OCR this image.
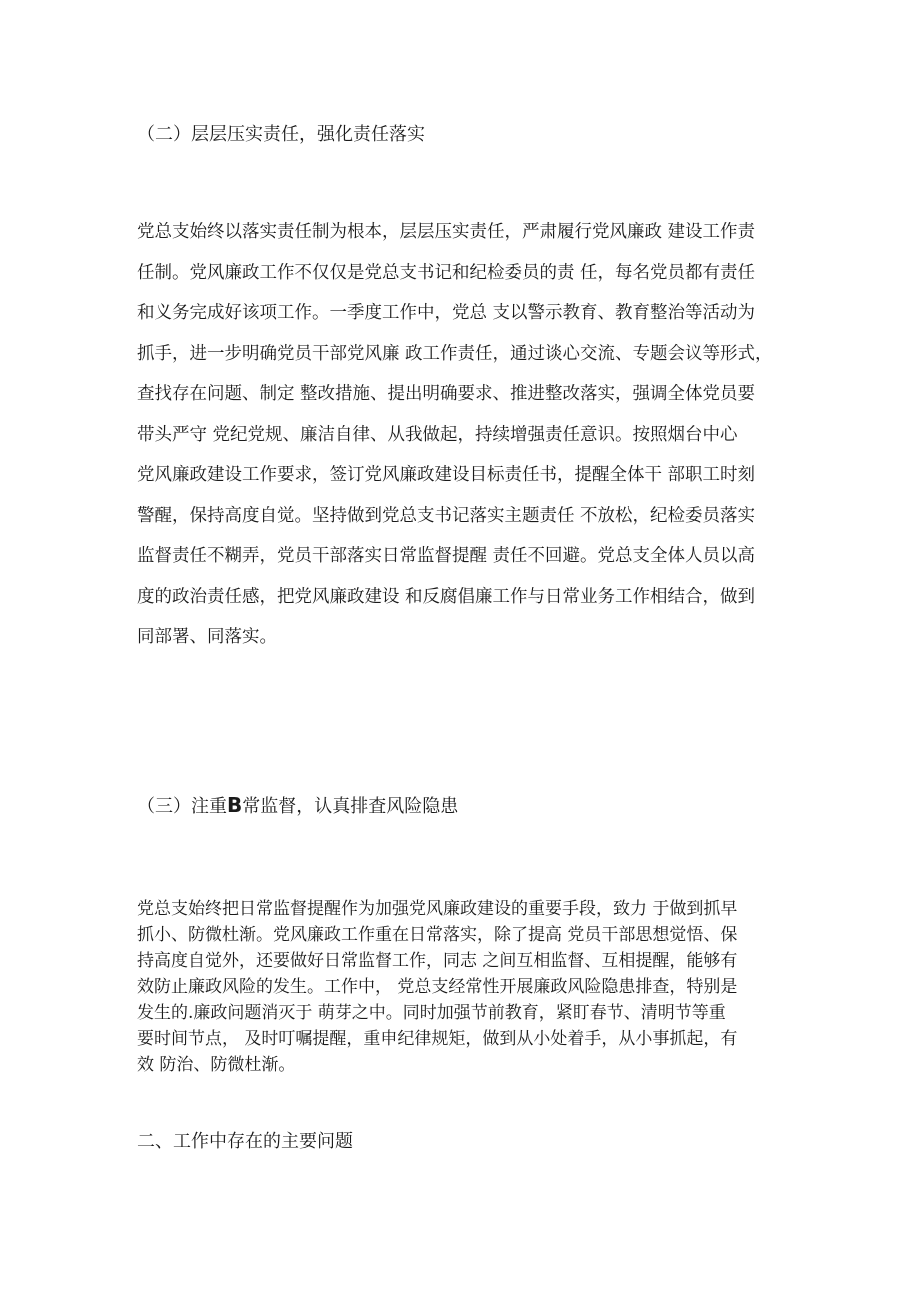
（二）层层压实责任，强化责任落实

党总支始终以落实责任制为根本，层层压实责任，严肃履行党风廉政 建设工作责
任制。党风廉政工作不仅仅是党总支书记和纪检委员的责 任，每名党员都有责任
和义务完成好该项工作。一季度工作中，党总 支以警示教育、教育整治等活动为
抓手，进一步明确党员干部党风廉 政工作责任，通过谈心交流、专题会议等形式，
查找存在问题、制定 整改措施、提出明确要求、推进整改落实，强调全体党员要
带头严守 党纪党规、廉洁自律、从我做起，持续增强责任意识。按照烟台中心
党风廉政建设工作要求，签订党风廉政建设目标责任书，提醒全体干 部职工时刻
警醒，保持高度自觉。坚持做到党总支书记落实主题责任 不放松，纪检委员落实
监督责任不糊弄，党员干部落实日常监督提醒 责任不回避。党总支全体人员以高
度的政治责任感，把党风廉政建设 和反腐倡廉工作与日常业务工作相结合，做到
同部署、同落实。

（三）注重B常监督，认真排査风险隐患

党总支始终把日常监督提醒作为加强党风廉政建设的重要手段，致力 于做到抓早
抓小、防微杜渐。党风廉政工作重在日常落实，除了提高 党员干部思想觉悟、保
持高度自觉外，还要做好日常监督工作，同志 之间互相监督、互相提醒，能够有
效防止廉政风险的发生。工作中， 党总支经常性开展廉政风险隐患排查，特别是
发生的.廉政问题消灭于 萌芽之中。同时加强节前教育，紧盯春节、清明节等重
要时间节点， 及时叮嘱提醒，重申纪律规矩，做到从小处着手，从小事抓起，有
效 防治、防微杜渐。

二、工作中存在的主要问题
